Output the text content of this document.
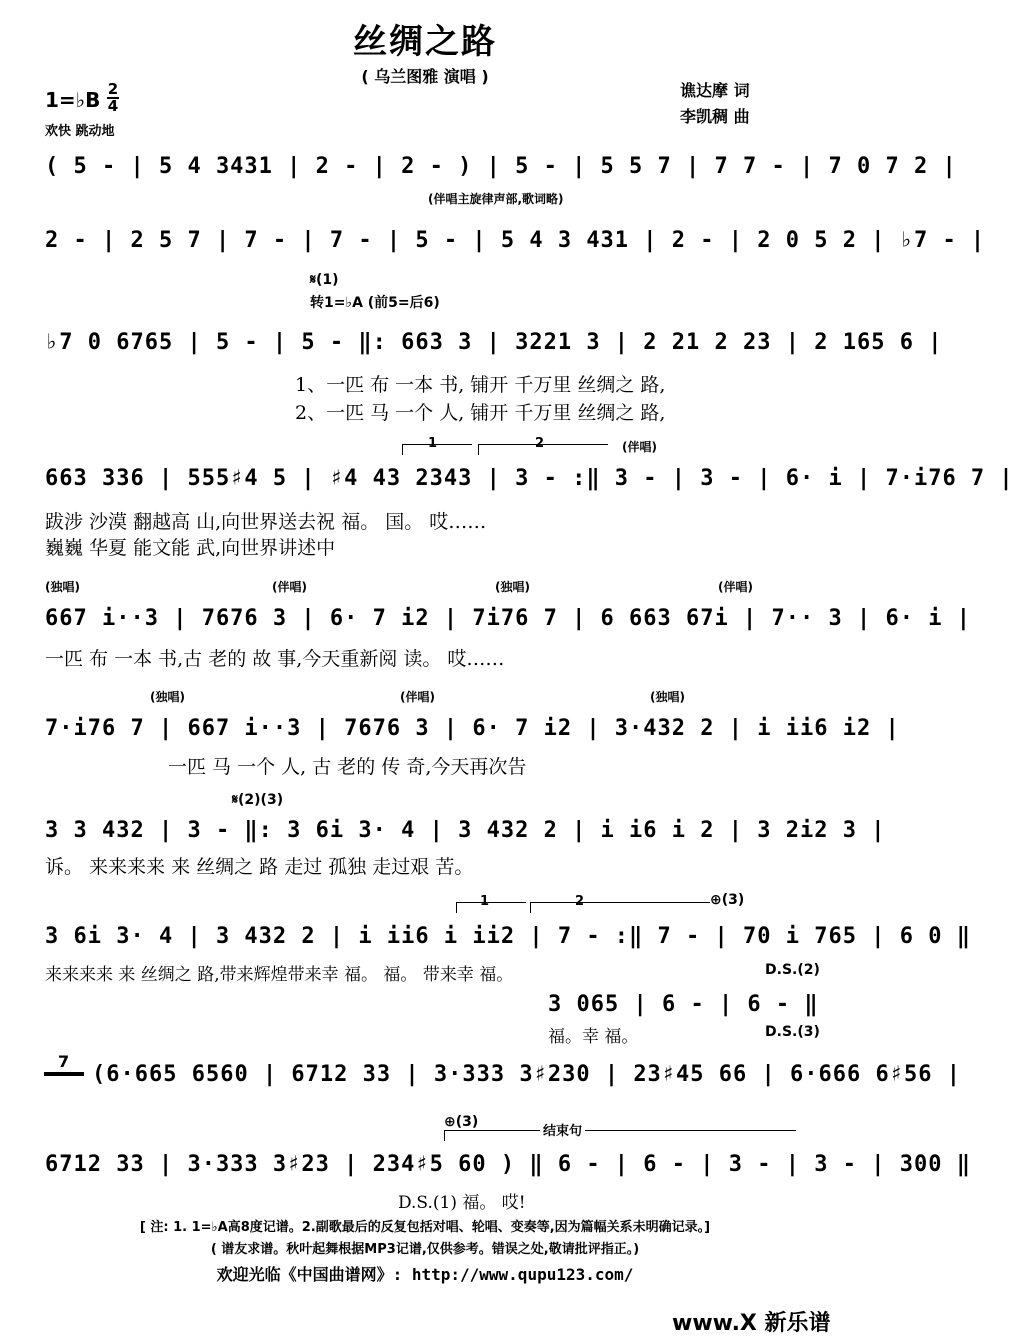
丝绸之路
( 乌兰图雅 演唱 )
谯达摩 词
李凯稠 曲
1=♭B 2
4
欢快 跳动地
( 5 - | 5 4 3431 | 2 - | 2 - ) | 5 - | 5 5 7 | 7 7 - | 7 0 7 2 |
(伴唱主旋律声部,歌词略)
2 - | 2 5 7 | 7 - | 7 - | 5 - | 5 4 3 431 | 2 - | 2 0 5 2 | ♭7 - |
𝄋(1)
转1=♭A (前5=后6)
♭7 0 6765 | 5 - | 5 - ‖: 663 3 | 3221 3 | 2 21 2 23 | 2 165 6 |
1、一匹 布 一本 书, 铺开 千万里 丝绸之 路,
2、一匹 马 一个 人, 铺开 千万里 丝绸之 路,
1	2	(伴唱)
663 336 | 555♯4 5 | ♯4 43 2343 | 3 - :‖ 3 - | 3 - | 6· i | 7·i76 7 |
跋涉 沙漠 翻越高 山,向世界送去祝 福。 国。 哎……
巍巍 华夏 能文能 武,向世界讲述中
(独唱)	(伴唱)	(独唱)	(伴唱)
667 i··3 | 7676 3 | 6· 7 i2 | 7i76 7 | 6 663 67i | 7·· 3 | 6· i |
一匹 布 一本 书,古 老的 故 事,今天重新阅 读。 哎……
(独唱)	(伴唱)	(独唱)
7·i76 7 | 667 i··3 | 7676 3 | 6· 7 i2 | 3·432 2 | i ii6 i2 |
一匹 马 一个 人, 古 老的 传 奇,今天再次告
𝄋(2)(3)
3 3 432 | 3 - ‖: 3 6i 3· 4 | 3 432 2 | i i6 i 2 | 3 2i2 3 |
诉。 来来来来 来 丝绸之 路 走过 孤独 走过艰 苦。
1	2	⊕(3)
3 6i 3· 4 | 3 432 2 | i ii6 i ii2 | 7 - :‖ 7 - | 70 i 765 | 6 0 ‖
来来来来 来 丝绸之 路,带来辉煌带来幸 福。 福。 带来幸 福。	D.S.(2)
3 065 | 6 - | 6 - ‖
福。幸 福。	D.S.(3)
7
(6·665 6560 | 6712 33 | 3·333 3♯230 | 23♯45 66 | 6·666 6♯56 |
⊕(3)
结束句
6712 33 | 3·333 3♯23 | 234♯5 60 ) ‖ 6 - | 6 - | 3 - | 3 - | 300 ‖
D.S.(1) 福。 哎!
[ 注: 1. 1=♭A高8度记谱。2.副歌最后的反复包括对唱、轮唱、变奏等,因为篇幅关系未明确记录。]
( 谱友求谱。秋叶起舞根据MP3记谱,仅供参考。错误之处,敬请批评指正。)
欢迎光临《中国曲谱网》: http://www.qupu123.com/
www.X 新乐谱
